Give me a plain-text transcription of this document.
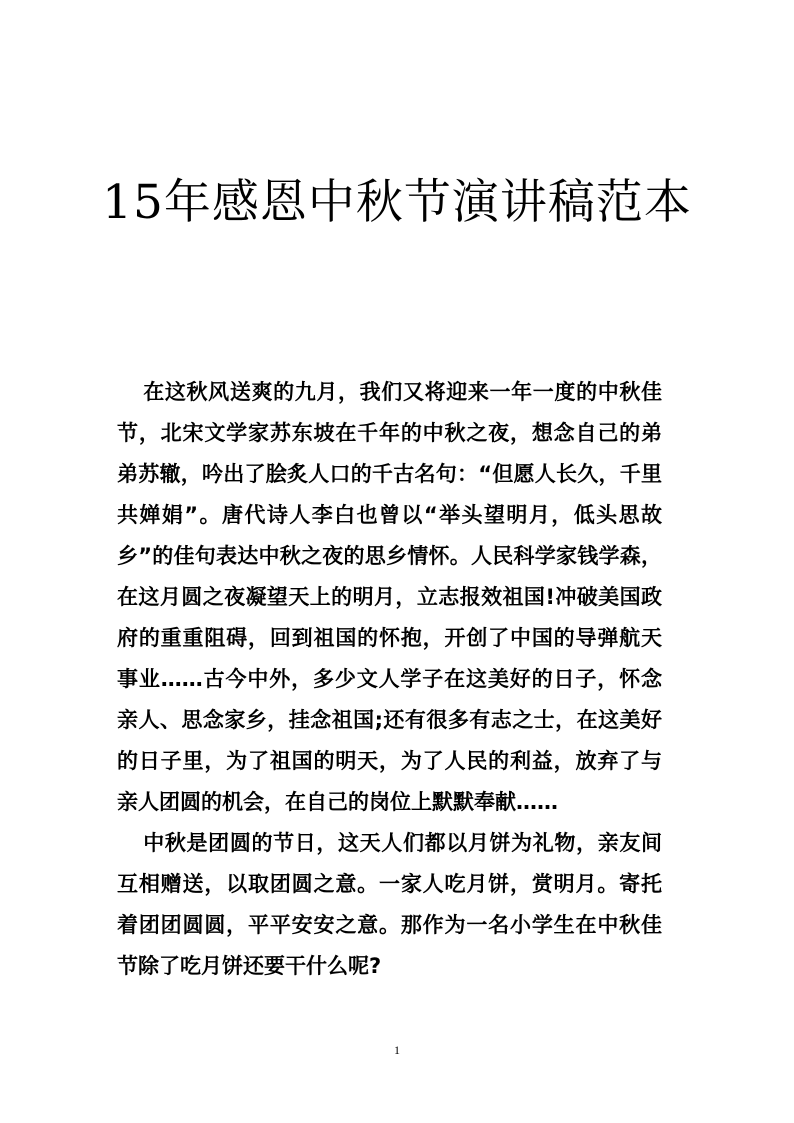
15年感恩中秋节演讲稿范本

在这秋风送爽的九月，我们又将迎来一年一度的中秋佳节，北宋文学家苏东坡在千年的中秋之夜，想念自己的弟弟苏辙，吟出了脍炙人口的千古名句：“但愿人长久，千里共婵娟”。唐代诗人李白也曾以“举头望明月，低头思故乡”的佳句表达中秋之夜的思乡情怀。人民科学家钱学森，在这月圆之夜凝望天上的明月，立志报效祖国!冲破美国政府的重重阻碍，回到祖国的怀抱，开创了中国的导弹航天事业……古今中外，多少文人学子在这美好的日子，怀念亲人、思念家乡，挂念祖国;还有很多有志之士，在这美好的日子里，为了祖国的明天，为了人民的利益，放弃了与亲人团圆的机会，在自己的岗位上默默奉献……

中秋是团圆的节日，这天人们都以月饼为礼物，亲友间互相赠送，以取团圆之意。一家人吃月饼，赏明月。寄托着团团圆圆，平平安安之意。那作为一名小学生在中秋佳节除了吃月饼还要干什么呢?

1
